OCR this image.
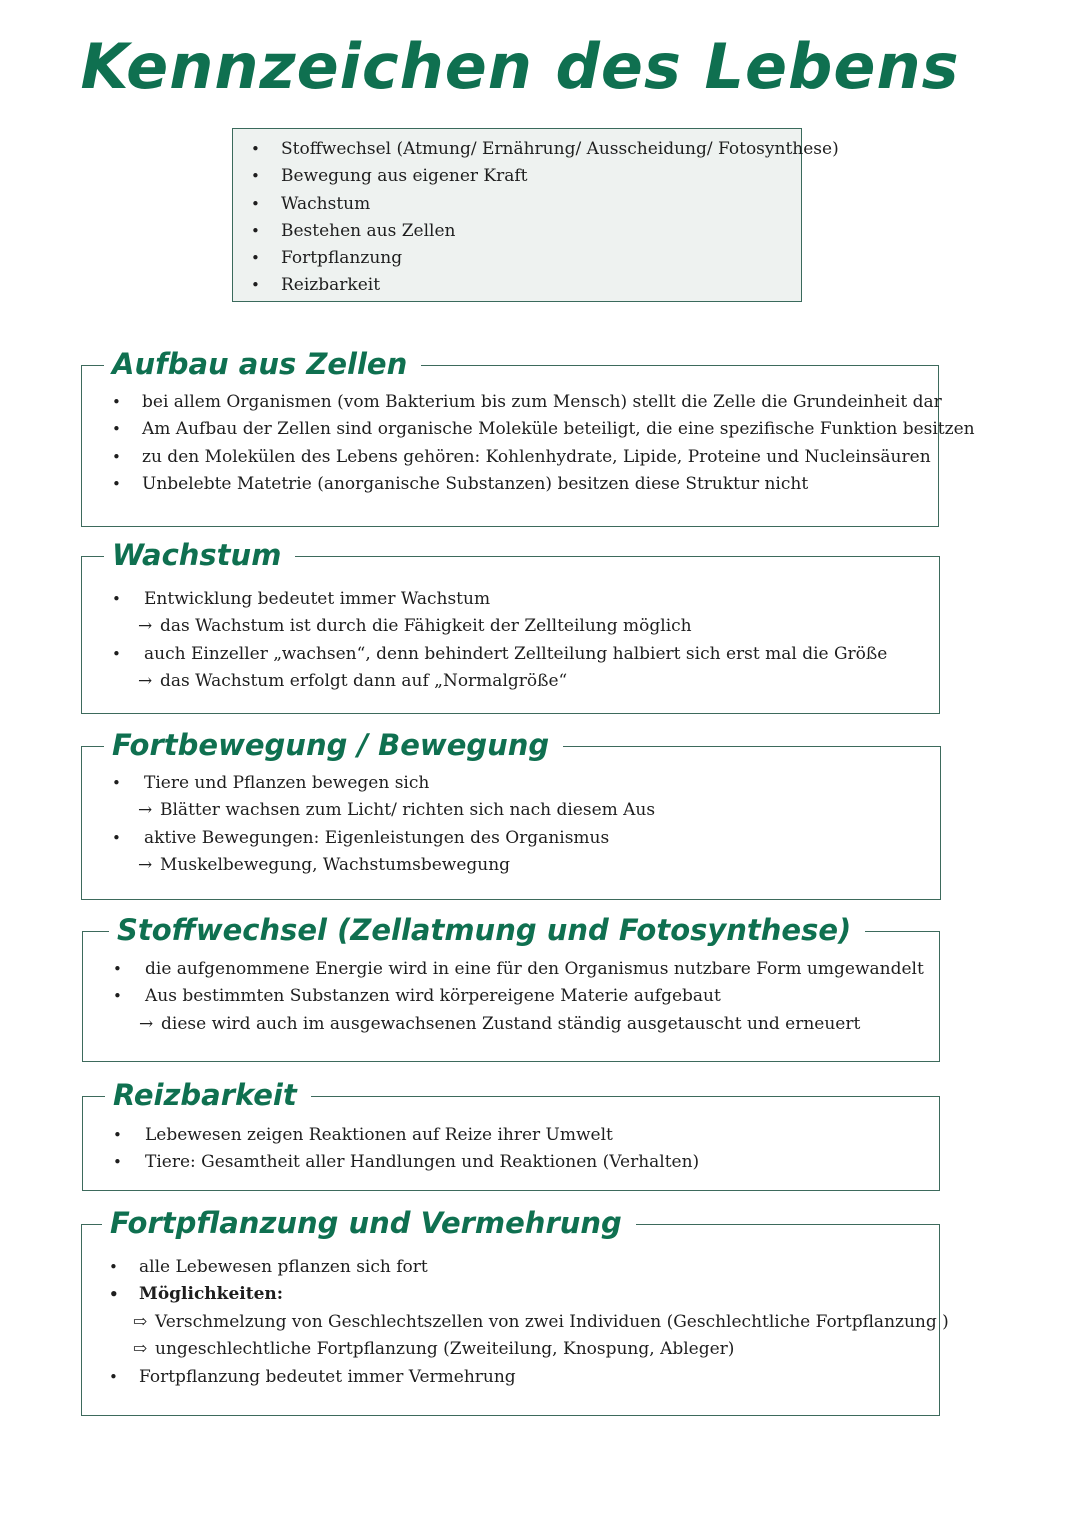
Kennzeichen des Lebens
• Stoffwechsel (Atmung/ Ernährung/ Ausscheidung/ Fotosynthese)
• Bewegung aus eigener Kraft
• Wachstum
• Bestehen aus Zellen
• Fortpflanzung
• Reizbarkeit
Aufbau aus Zellen
• bei allem Organismen (vom Bakterium bis zum Mensch) stellt die Zelle die Grundeinheit dar
• Am Aufbau der Zellen sind organische Moleküle beteiligt, die eine spezifische Funktion besitzen
• zu den Molekülen des Lebens gehören: Kohlenhydrate, Lipide, Proteine und Nucleinsäuren
• Unbelebte Matetrie (anorganische Substanzen) besitzen diese Struktur nicht
Wachstum
• Entwicklung bedeutet immer Wachstum
→ das Wachstum ist durch die Fähigkeit der Zellteilung möglich
• auch Einzeller „wachsen“, denn behindert Zellteilung halbiert sich erst mal die Größe
→ das Wachstum erfolgt dann auf „Normalgröße“
Fortbewegung / Bewegung
• Tiere und Pflanzen bewegen sich
→ Blätter wachsen zum Licht/ richten sich nach diesem Aus
• aktive Bewegungen: Eigenleistungen des Organismus
→ Muskelbewegung, Wachstumsbewegung
Stoffwechsel (Zellatmung und Fotosynthese)
• die aufgenommene Energie wird in eine für den Organismus nutzbare Form umgewandelt
• Aus bestimmten Substanzen wird körpereigene Materie aufgebaut
→ diese wird auch im ausgewachsenen Zustand ständig ausgetauscht und erneuert
Reizbarkeit
• Lebewesen zeigen Reaktionen auf Reize ihrer Umwelt
• Tiere: Gesamtheit aller Handlungen und Reaktionen (Verhalten)
Fortpflanzung und Vermehrung
• alle Lebewesen pflanzen sich fort
• Möglichkeiten:
⇨ Verschmelzung von Geschlechtszellen von zwei Individuen (Geschlechtliche Fortpflanzung )
⇨ ungeschlechtliche Fortpflanzung (Zweiteilung, Knospung, Ableger)
• Fortpflanzung bedeutet immer Vermehrung
